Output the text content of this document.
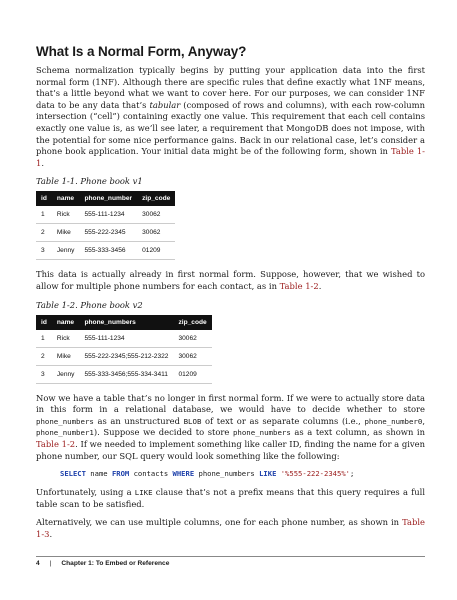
What Is a Normal Form, Anyway?

Schema normalization typically begins by putting your application data into the first normal form (1NF). Although there are specific rules that define exactly what 1NF means, that’s a little beyond what we want to cover here. For our purposes, we can consider 1NF data to be any data that’s tabular (composed of rows and columns), with each row-column intersection (“cell”) containing exactly one value. This requirement that each cell contains exactly one value is, as we’ll see later, a requirement that MongoDB does not impose, with the potential for some nice performance gains. Back in our relational case, let’s consider a phone book application. Your initial data might be of the following form, shown in Table 1-1.

Table 1-1. Phone book v1
id	name	phone_number	zip_code
1	Rick	555-111-1234	30062
2	Mike	555-222-2345	30062
3	Jenny	555-333-3456	01209

This data is actually already in first normal form. Suppose, however, that we wished to allow for multiple phone numbers for each contact, as in Table 1-2.

Table 1-2. Phone book v2
id	name	phone_numbers	zip_code
1	Rick	555-111-1234	30062
2	Mike	555-222-2345;555-212-2322	30062
3	Jenny	555-333-3456;555-334-3411	01209

Now we have a table that’s no longer in first normal form. If we were to actually store data in this form in a relational database, we would have to decide whether to store phone_numbers as an unstructured BLOB of text or as separate columns (i.e., phone_number0, phone_number1). Suppose we decided to store phone_numbers as a text column, as shown in Table 1-2. If we needed to implement something like caller ID, finding the name for a given phone number, our SQL query would look something like the following:

SELECT name FROM contacts WHERE phone_numbers LIKE '%555-222-2345%';

Unfortunately, using a LIKE clause that’s not a prefix means that this query requires a full table scan to be satisfied.

Alternatively, we can use multiple columns, one for each phone number, as shown in Table 1-3.

4 | Chapter 1: To Embed or Reference
